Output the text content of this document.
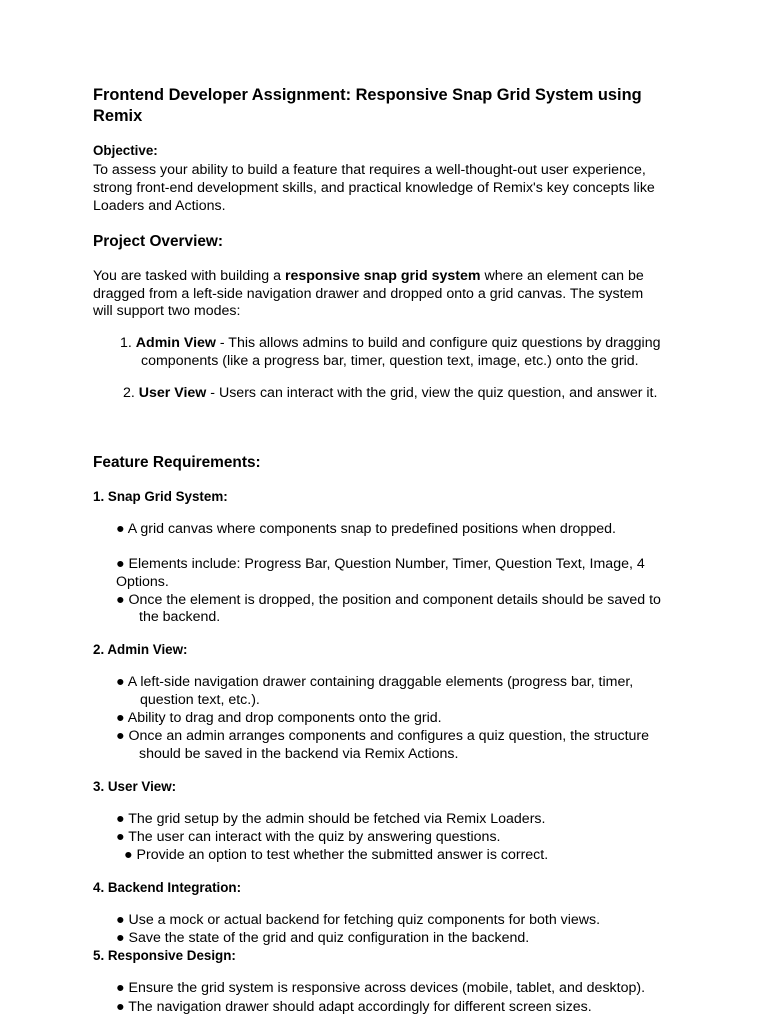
Frontend Developer Assignment: Responsive Snap Grid System using

Remix

Objective:

To assess your ability to build a feature that requires a well-thought-out user experience,

strong front-end development skills, and practical knowledge of Remix's key concepts like

Loaders and Actions.

Project Overview:

You are tasked with building a responsive snap grid system where an element can be

dragged from a left-side navigation drawer and dropped onto a grid canvas. The system

will support two modes:

1. Admin View - This allows admins to build and configure quiz questions by dragging

components (like a progress bar, timer, question text, image, etc.) onto the grid.

2. User View - Users can interact with the grid, view the quiz question, and answer it.

Feature Requirements:

1. Snap Grid System:

● A grid canvas where components snap to predefined positions when dropped.

● Elements include: Progress Bar, Question Number, Timer, Question Text, Image, 4

Options.

● Once the element is dropped, the position and component details should be saved to

the backend.

2. Admin View:

● A left-side navigation drawer containing draggable elements (progress bar, timer,

question text, etc.).

● Ability to drag and drop components onto the grid.

● Once an admin arranges components and configures a quiz question, the structure

should be saved in the backend via Remix Actions.

3. User View:

● The grid setup by the admin should be fetched via Remix Loaders.

● The user can interact with the quiz by answering questions.

● Provide an option to test whether the submitted answer is correct.

4. Backend Integration:

● Use a mock or actual backend for fetching quiz components for both views.

● Save the state of the grid and quiz configuration in the backend.

5. Responsive Design:

● Ensure the grid system is responsive across devices (mobile, tablet, and desktop).

● The navigation drawer should adapt accordingly for different screen sizes.
